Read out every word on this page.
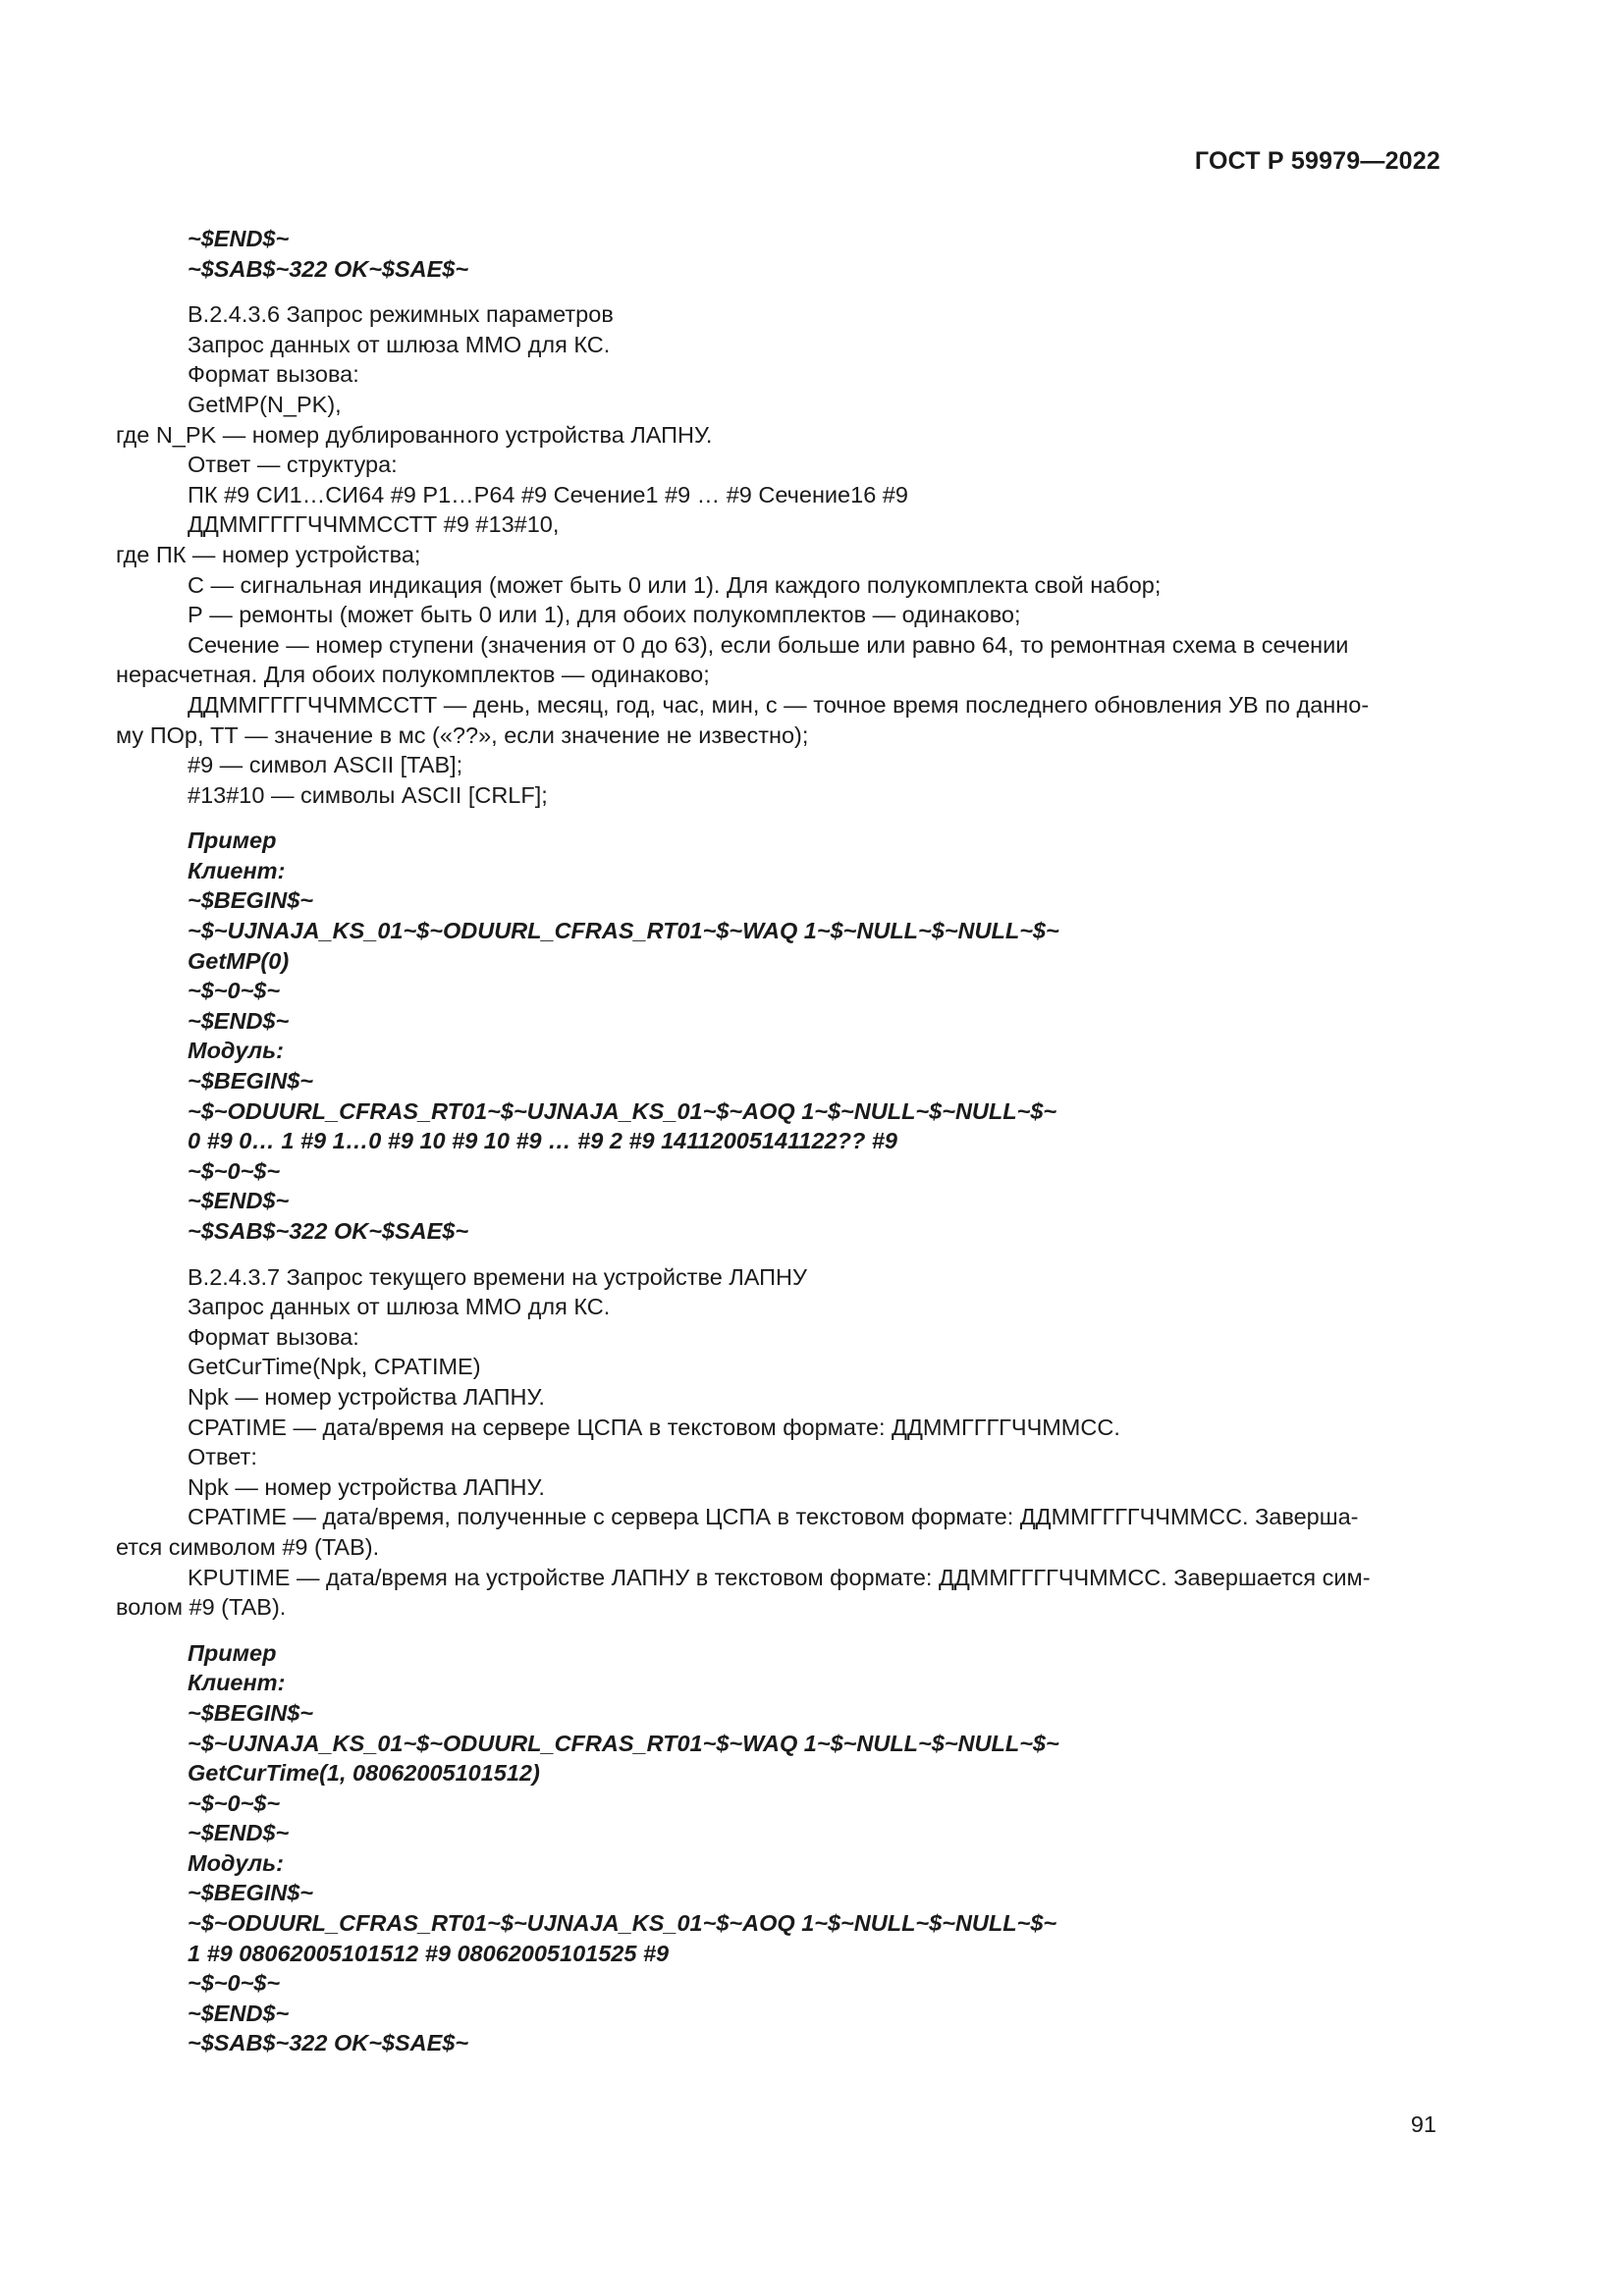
ГОСТ Р 59979—2022
~$END$~
~$SAB$~322 OK~$SAE$~
В.2.4.3.6 Запрос режимных параметров
Запрос данных от шлюза ММО для КС.
Формат вызова:
GetMP(N_PK),
где N_PK — номер дублированного устройства ЛАПНУ.
Ответ — структура:
ПК #9 СИ1…СИ64 #9 Р1…Р64 #9 Сечение1 #9 … #9 Сечение16 #9
ДДММГГГГЧЧММССТТ #9 #13#10,
где ПК — номер устройства;
С — сигнальная индикация (может быть 0 или 1). Для каждого полукомплекта свой набор;
Р — ремонты (может быть 0 или 1), для обоих полукомплектов — одинаково;
Сечение — номер ступени (значения от 0 до 63), если больше или равно 64, то ремонтная схема в сечении
нерасчетная. Для обоих полукомплектов — одинаково;
ДДММГГГГЧЧММССТТ — день, месяц, год, час, мин, с — точное время последнего обновления УВ по данно-
му ПОр, ТТ — значение в мс («??», если значение не известно);
#9 — символ ASCII [TAB];
#13#10 — символы ASCII [CRLF];
Пример
Клиент:
~$BEGIN$~
~$~UJNAJA_KS_01~$~ODUURL_CFRAS_RT01~$~WAQ 1~$~NULL~$~NULL~$~
GetMP(0)
~$~0~$~
~$END$~
Модуль:
~$BEGIN$~
~$~ODUURL_CFRAS_RT01~$~UJNAJA_KS_01~$~AOQ 1~$~NULL~$~NULL~$~
0 #9 0… 1 #9 1…0 #9 10 #9 10 #9 … #9 2 #9 14112005141122?? #9
~$~0~$~
~$END$~
~$SAB$~322 OK~$SAE$~
В.2.4.3.7 Запрос текущего времени на устройстве ЛАПНУ
Запрос данных от шлюза ММО для КС.
Формат вызова:
GetCurTime(Npk, CPATIME)
Npk — номер устройства ЛАПНУ.
CPATIME — дата/время на сервере ЦСПА в текстовом формате: ДДММГГГГЧЧММСС.
Ответ:
Npk — номер устройства ЛАПНУ.
CPATIME — дата/время, полученные с сервера ЦСПА в текстовом формате: ДДММГГГГЧЧММСС. Заверша-
ется символом #9 (TAB).
KPUTIME — дата/время на устройстве ЛАПНУ в текстовом формате: ДДММГГГГЧЧММСС. Завершается сим-
волом #9 (TAB).
Пример
Клиент:
~$BEGIN$~
~$~UJNAJA_KS_01~$~ODUURL_CFRAS_RT01~$~WAQ 1~$~NULL~$~NULL~$~
GetCurTime(1, 08062005101512)
~$~0~$~
~$END$~
Модуль:
~$BEGIN$~
~$~ODUURL_CFRAS_RT01~$~UJNAJA_KS_01~$~AOQ 1~$~NULL~$~NULL~$~
1 #9 08062005101512 #9 08062005101525 #9
~$~0~$~
~$END$~
~$SAB$~322 OK~$SAE$~
91
